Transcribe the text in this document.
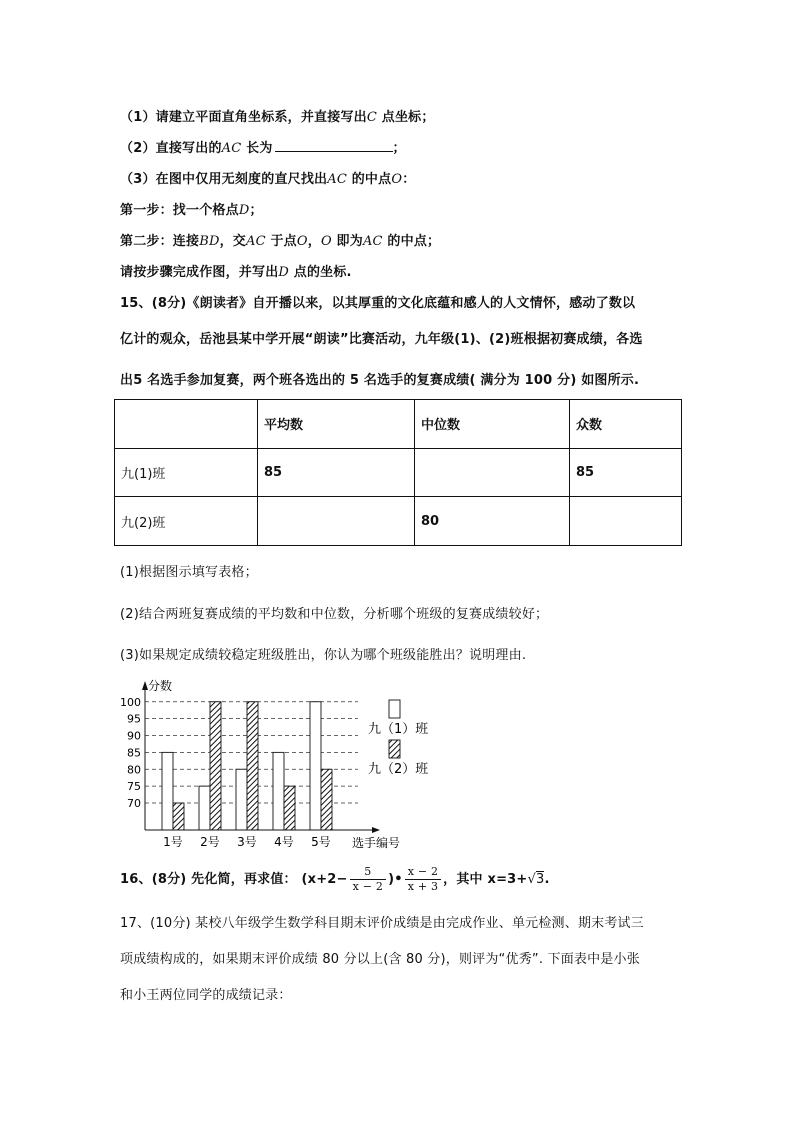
（1）请建立平面直角坐标系，并直接写出C 点坐标；
（2）直接写出的AC 长为	；
（3）在图中仅用无刻度的直尺找出AC 的中点O：
第一步：找一个格点D；
第二步：连接BD，交AC 于点O，O 即为AC 的中点；
请按步骤完成作图，并写出D 点的坐标.
15、(8分)《朗读者》自开播以来，以其厚重的文化底蕴和感人的人文情怀，感动了数以
亿计的观众，岳池县某中学开展“朗读”比赛活动，九年级(1)、(2)班根据初赛成绩，各选
出5 名选手参加复赛，两个班各选出的 5 名选手的复赛成绩( 满分为 100 分) 如图所示.
	平均数	中位数	众数
九(1)班	85		85
九(2)班		80	
(1)根据图示填写表格；
(2)结合两班复赛成绩的平均数和中位数，分析哪个班级的复赛成绩较好；
(3)如果规定成绩较稳定班级胜出，你认为哪个班级能胜出？说明理由.
70
75
80
85
90
95
100
分数
选手编号
1号 2号 3号 4号 5号
九（1）班
九（2）班
16、(8分) 先化简，再求值： ($x+2- \frac{5}{x - 2}$ )• $\frac{x - 2}{x + 3}$ ，其中 x=3+√3.
17、(10分) 某校八年级学生数学科目期末评价成绩是由完成作业、单元检测、期末考试三
项成绩构成的，如果期末评价成绩 80 分以上(含 80 分)，则评为“优秀”. 下面表中是小张
和小王两位同学的成绩记录：
